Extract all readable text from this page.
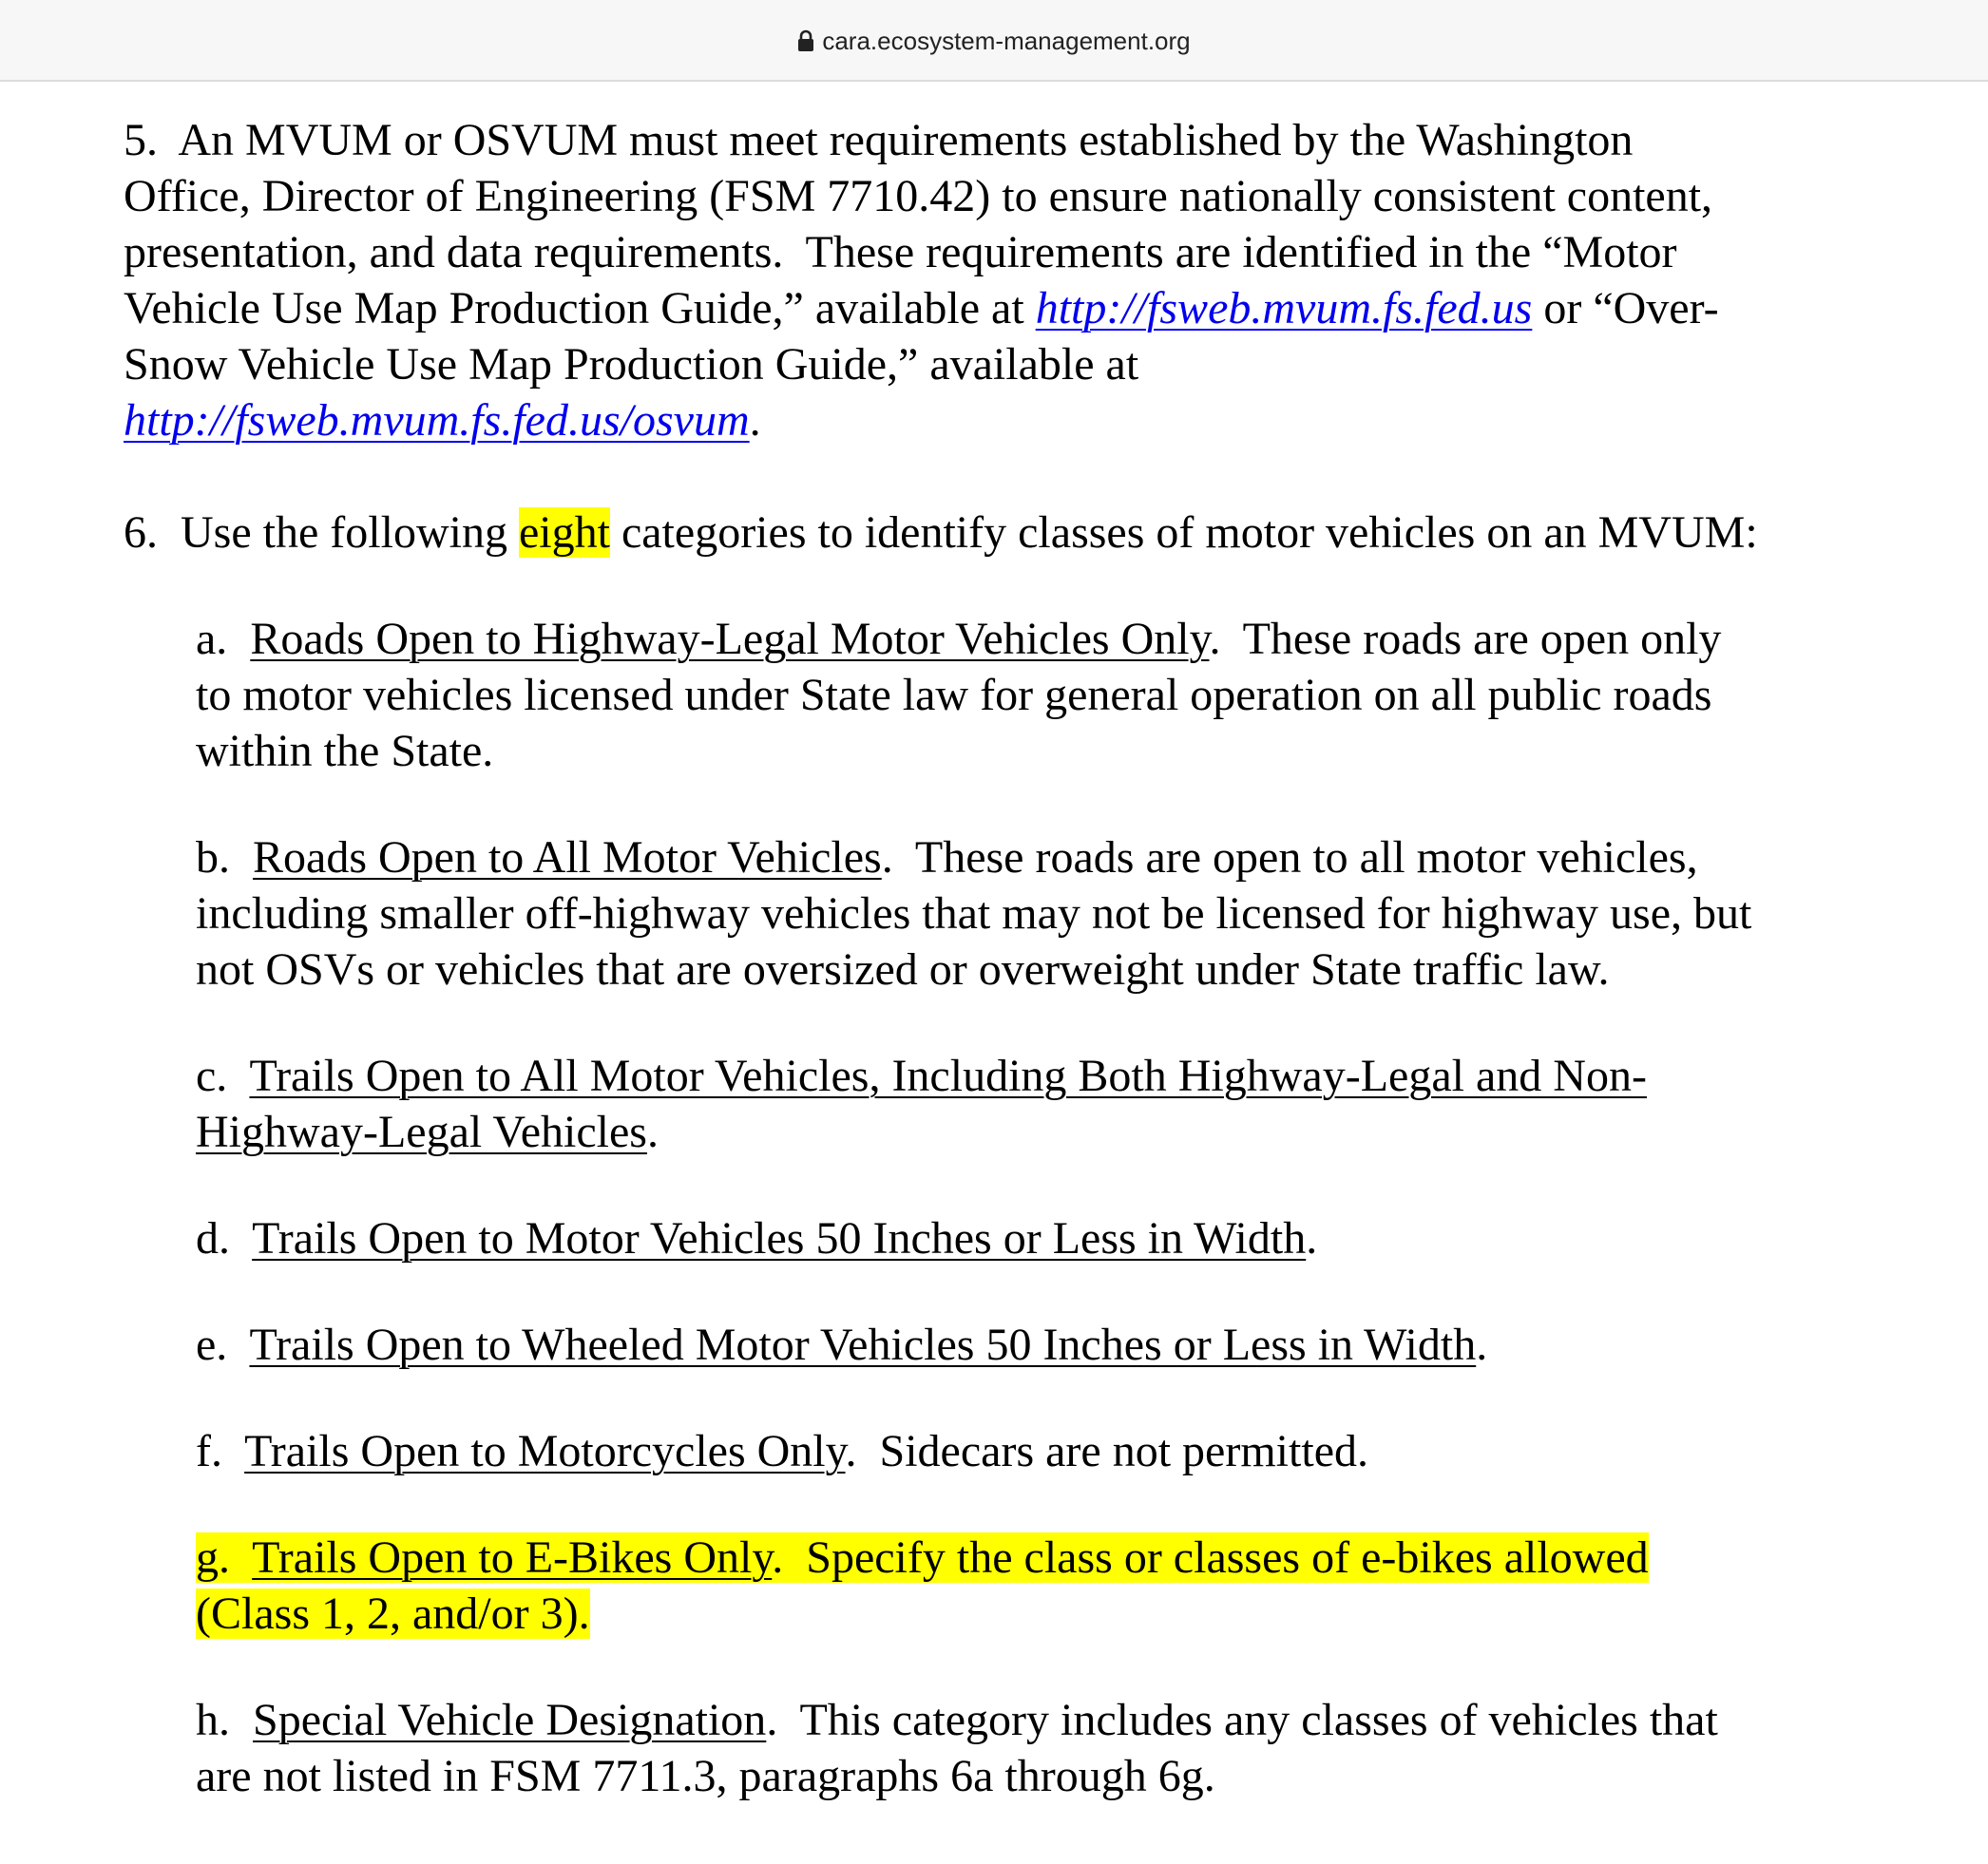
cara.ecosystem-management.org
5.  An MVUM or OSVUM must meet requirements established by the Washington
Office, Director of Engineering (FSM 7710.42) to ensure nationally consistent content,
presentation, and data requirements.  These requirements are identified in the “Motor
Vehicle Use Map Production Guide,” available at http://fsweb.mvum.fs.fed.us or “Over-
Snow Vehicle Use Map Production Guide,” available at
http://fsweb.mvum.fs.fed.us/osvum.
6.  Use the following eight categories to identify classes of motor vehicles on an MVUM:
a.  Roads Open to Highway-Legal Motor Vehicles Only.  These roads are open only
to motor vehicles licensed under State law for general operation on all public roads
within the State.
b.  Roads Open to All Motor Vehicles.  These roads are open to all motor vehicles,
including smaller off-highway vehicles that may not be licensed for highway use, but
not OSVs or vehicles that are oversized or overweight under State traffic law.
c.  Trails Open to All Motor Vehicles, Including Both Highway-Legal and Non-
Highway-Legal Vehicles.
d.  Trails Open to Motor Vehicles 50 Inches or Less in Width.
e.  Trails Open to Wheeled Motor Vehicles 50 Inches or Less in Width.
f.  Trails Open to Motorcycles Only.  Sidecars are not permitted.
g.  Trails Open to E-Bikes Only.  Specify the class or classes of e-bikes allowed
(Class 1, 2, and/or 3).
h.  Special Vehicle Designation.  This category includes any classes of vehicles that
are not listed in FSM 7711.3, paragraphs 6a through 6g.
